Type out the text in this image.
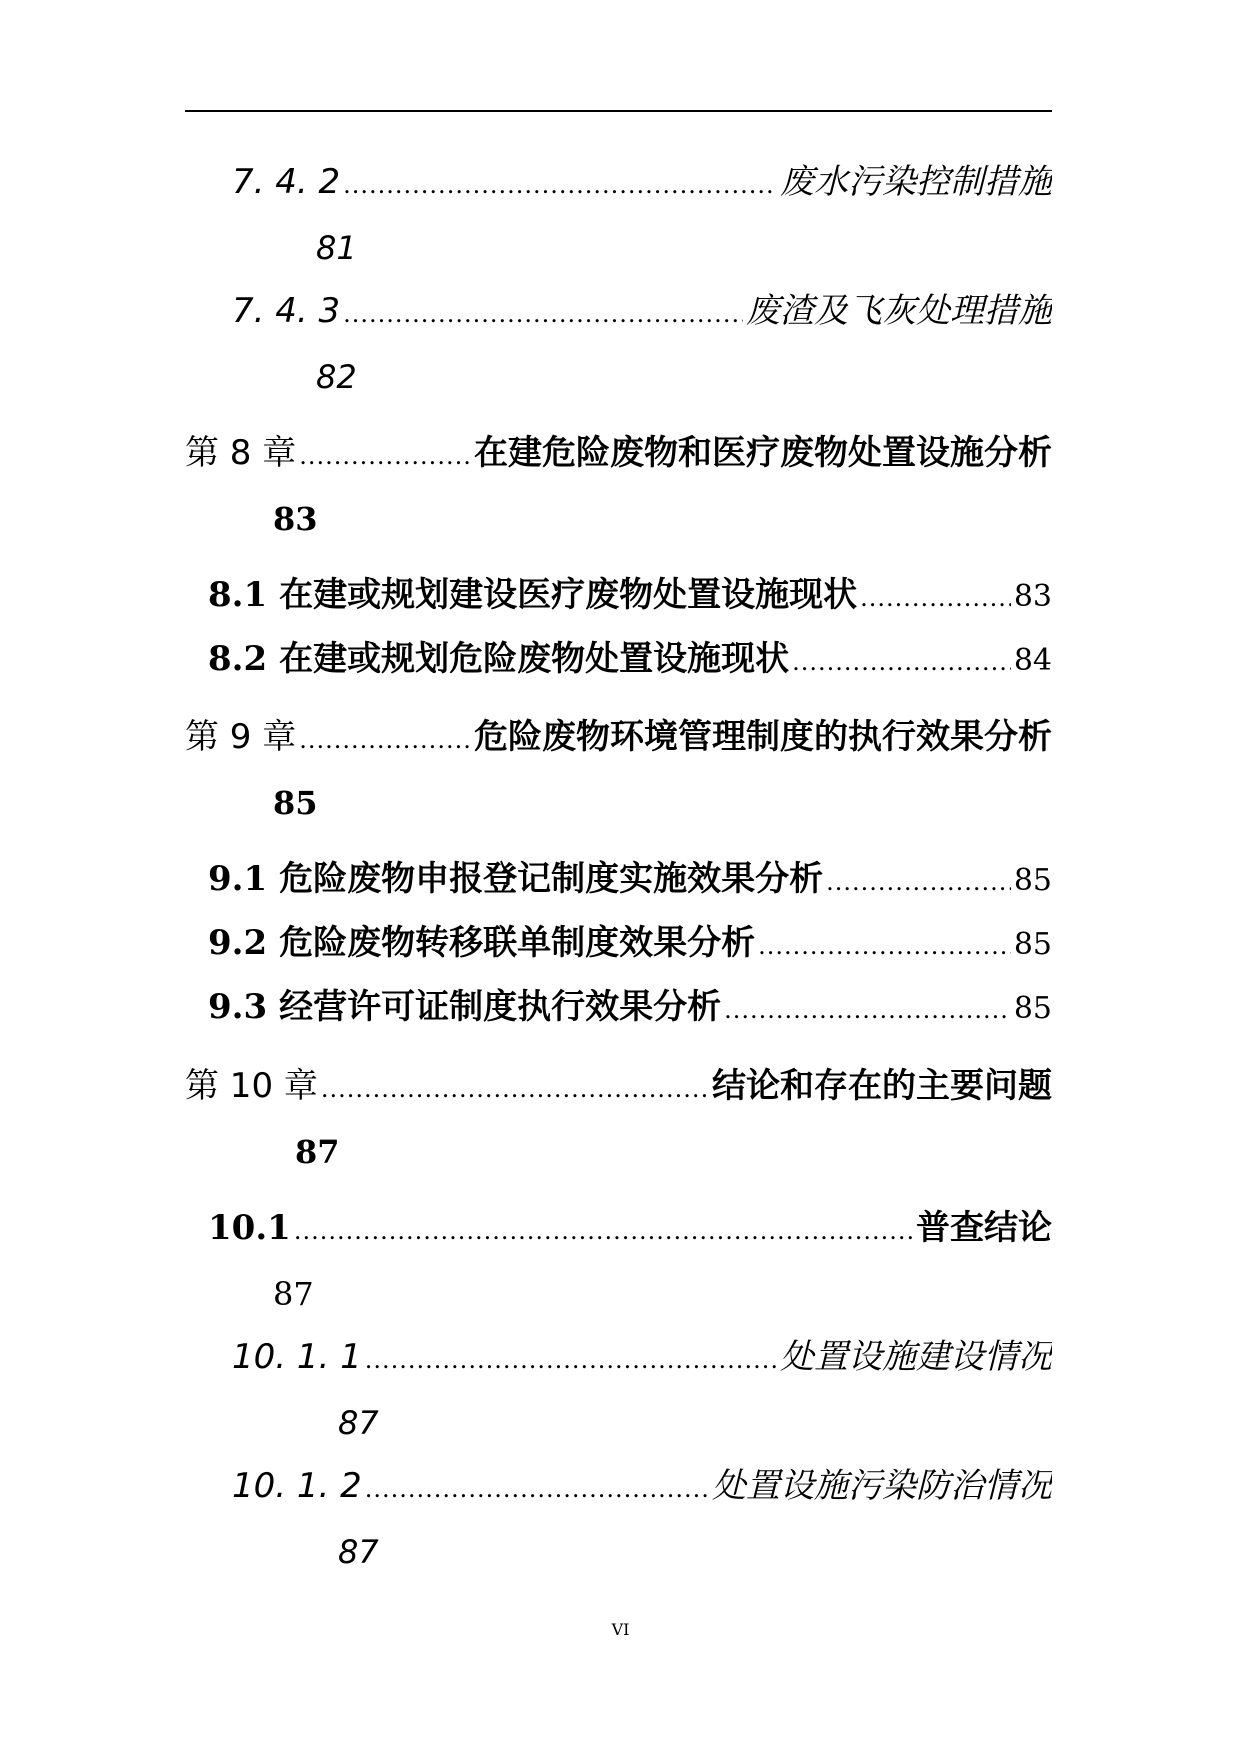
7. 4. 2 .....	废水污染控制措施
81
7. 4. 3 .....	废渣及飞灰处理措施
82
第 8 章 .....	在建危险废物和医疗废物处置设施分析
83
8.1 在建或规划建设医疗废物处置设施现状 .....	83
8.2 在建或规划危险废物处置设施现状 .....	84
第 9 章 .....	危险废物环境管理制度的执行效果分析
85
9.1 危险废物申报登记制度实施效果分析 .....	85
9.2 危险废物转移联单制度效果分析 .....	85
9.3 经营许可证制度执行效果分析 .....	85
第 10 章 .....	结论和存在的主要问题
87
10.1 .....	普查结论
87
10. 1. 1 .....	处置设施建设情况
87
10. 1. 2 .....	处置设施污染防治情况
87
VI
